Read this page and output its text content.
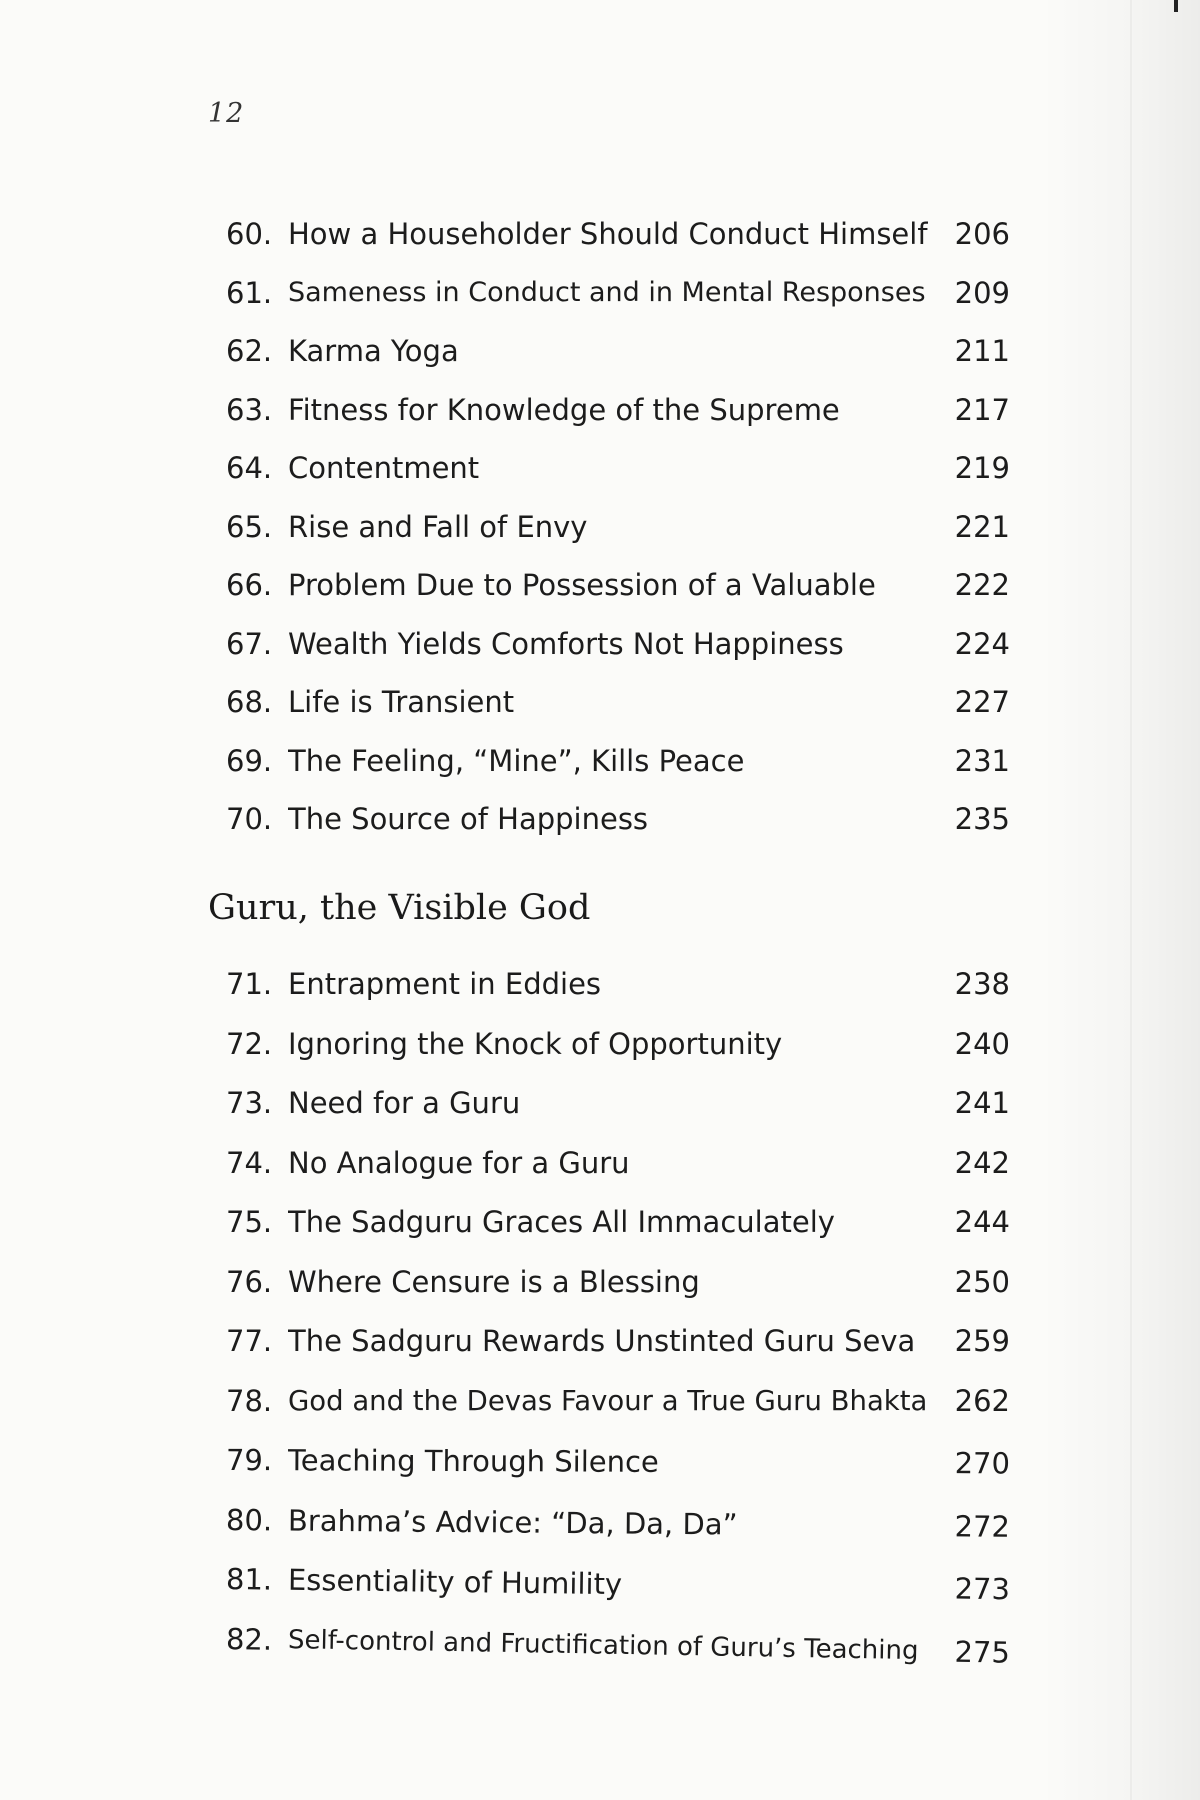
12
Guru, the Visible God
60. How a Householder Should Conduct Himself 206
61. Sameness in Conduct and in Mental Responses	209
62. Karma Yoga	211
63. Fitness for Knowledge of the Supreme	217
64. Contentment	219
65. Rise and Fall of Envy	221
66. Problem Due to Possession of a Valuable	222
67. Wealth Yields Comforts Not Happiness	224
68. Life is Transient	227
69. The Feeling, “Mine”, Kills Peace	231
70. The Source of Happiness	235
71. Entrapment in Eddies	238
72. Ignoring the Knock of Opportunity	240
73. Need for a Guru	241
74. No Analogue for a Guru	242
75. The Sadguru Graces All Immaculately	244
76. Where Censure is a Blessing	250
77. The Sadguru Rewards Unstinted Guru Seva	259
78. God and the Devas Favour a True Guru Bhakta 262
79. Teaching Through Silence	270
80. Brahma’s Advice: “Da, Da, Da”	272
81. Essentiality of Humility	273
82. Self-control and Fructification of Guru’s Teaching	275
